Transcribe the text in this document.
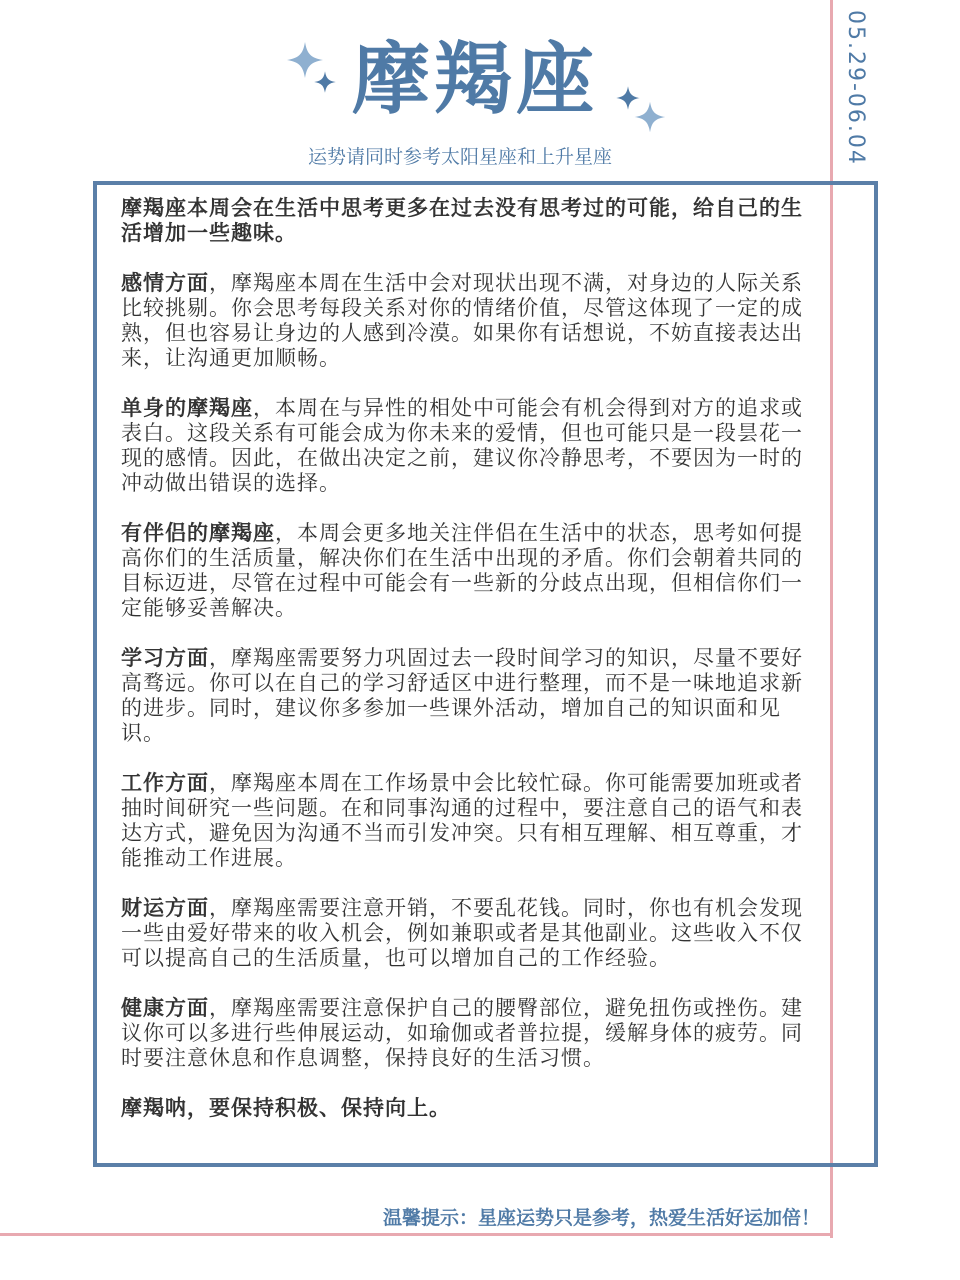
05.29-06.04
摩羯座
运势请同时参考太阳星座和上升星座

摩羯座本周会在生活中思考更多在过去没有思考过的可能，给自己的生活增加一些趣味。

感情方面，摩羯座本周在生活中会对现状出现不满，对身边的人际关系比较挑剔。你会思考每段关系对你的情绪价值，尽管这体现了一定的成熟，但也容易让身边的人感到冷漠。如果你有话想说，不妨直接表达出来，让沟通更加顺畅。

单身的摩羯座，本周在与异性的相处中可能会有机会得到对方的追求或表白。这段关系有可能会成为你未来的爱情，但也可能只是一段昙花一现的感情。因此，在做出决定之前，建议你冷静思考，不要因为一时的冲动做出错误的选择。

有伴侣的摩羯座，本周会更多地关注伴侣在生活中的状态，思考如何提高你们的生活质量，解决你们在生活中出现的矛盾。你们会朝着共同的目标迈进，尽管在过程中可能会有一些新的分歧点出现，但相信你们一定能够妥善解决。

学习方面，摩羯座需要努力巩固过去一段时间学习的知识，尽量不要好高骛远。你可以在自己的学习舒适区中进行整理，而不是一味地追求新的进步。同时，建议你多参加一些课外活动，增加自己的知识面和见识。

工作方面，摩羯座本周在工作场景中会比较忙碌。你可能需要加班或者抽时间研究一些问题。在和同事沟通的过程中，要注意自己的语气和表达方式，避免因为沟通不当而引发冲突。只有相互理解、相互尊重，才能推动工作进展。

财运方面，摩羯座需要注意开销，不要乱花钱。同时，你也有机会发现一些由爱好带来的收入机会，例如兼职或者是其他副业。这些收入不仅可以提高自己的生活质量，也可以增加自己的工作经验。

健康方面，摩羯座需要注意保护自己的腰臀部位，避免扭伤或挫伤。建议你可以多进行些伸展运动，如瑜伽或者普拉提，缓解身体的疲劳。同时要注意休息和作息调整，保持良好的生活习惯。

摩羯呐，要保持积极、保持向上。

温馨提示：星座运势只是参考，热爱生活好运加倍！
